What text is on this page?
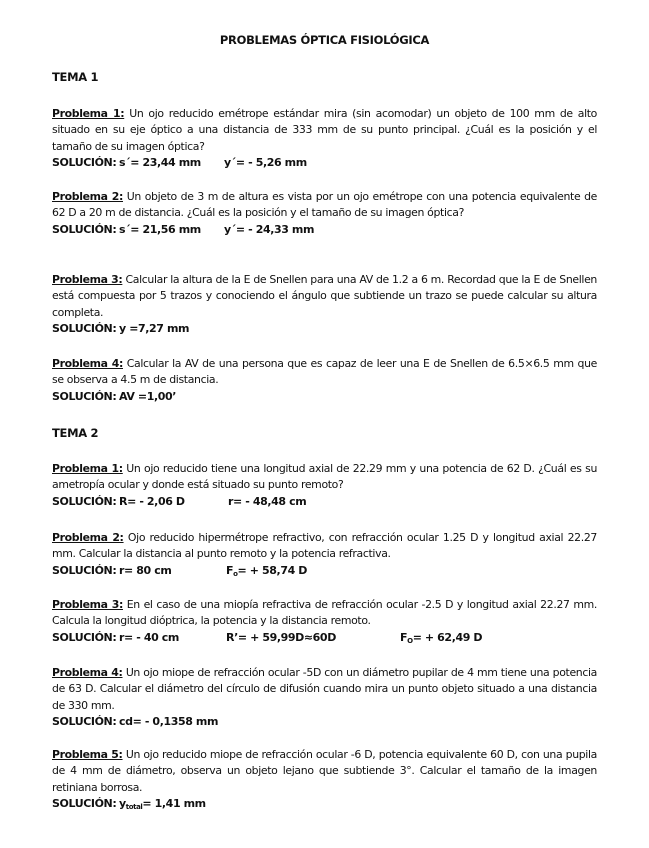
PROBLEMAS ÓPTICA FISIOLÓGICA
TEMA 1
Problema 1: Un ojo reducido emétrope estándar mira (sin acomodar) un objeto de 100 mm de alto situado en su eje óptico a una distancia de 333 mm de su punto principal. ¿Cuál es la posición y el tamaño de su imagen óptica?
SOLUCIÓN: s´= 23,44 mm y´= - 5,26 mm
Problema 2: Un objeto de 3 m de altura es vista por un ojo emétrope con una potencia equivalente de 62 D a 20 m de distancia. ¿Cuál es la posición y el tamaño de su imagen óptica?
SOLUCIÓN: s´= 21,56 mm y´= - 24,33 mm
Problema 3: Calcular la altura de la E de Snellen para una AV de 1.2 a 6 m. Recordad que la E de Snellen está compuesta por 5 trazos y conociendo el ángulo que subtiende un trazo se puede calcular su altura completa.
SOLUCIÓN: y =7,27 mm
Problema 4: Calcular la AV de una persona que es capaz de leer una E de Snellen de 6.5×6.5 mm que se observa a 4.5 m de distancia.
SOLUCIÓN: AV =1,00’
TEMA 2
Problema 1: Un ojo reducido tiene una longitud axial de 22.29 mm y una potencia de 62 D. ¿Cuál es su ametropía ocular y donde está situado su punto remoto?
SOLUCIÓN: R= - 2,06 D	r= - 48,48 cm
Problema 2: Ojo reducido hipermétrope refractivo, con refracción ocular 1.25 D y longitud axial 22.27 mm. Calcular la distancia al punto remoto y la potencia refractiva.
SOLUCIÓN: r= 80 cm	$F_o= + 58,74$ D
Problema 3: En el caso de una miopía refractiva de refracción ocular -2.5 D y longitud axial 22.27 mm. Calcula la longitud dióptrica, la potencia y la distancia remoto.
SOLUCIÓN: r= - 40 cm	R’= + 59,99D≈60D	$F_O= + 62,49$ D
Problema 4: Un ojo miope de refracción ocular -5D con un diámetro pupilar de 4 mm tiene una potencia de 63 D. Calcular el diámetro del círculo de difusión cuando mira un punto objeto situado a una distancia de 330 mm.
SOLUCIÓN: cd= - 0,1358 mm
Problema 5: Un ojo reducido miope de refracción ocular -6 D, potencia equivalente 60 D, con una pupila de 4 mm de diámetro, observa un objeto lejano que subtiende 3°. Calcular el tamaño de la imagen retiniana borrosa.
SOLUCIÓN: $y_{total}= 1,41$ mm
